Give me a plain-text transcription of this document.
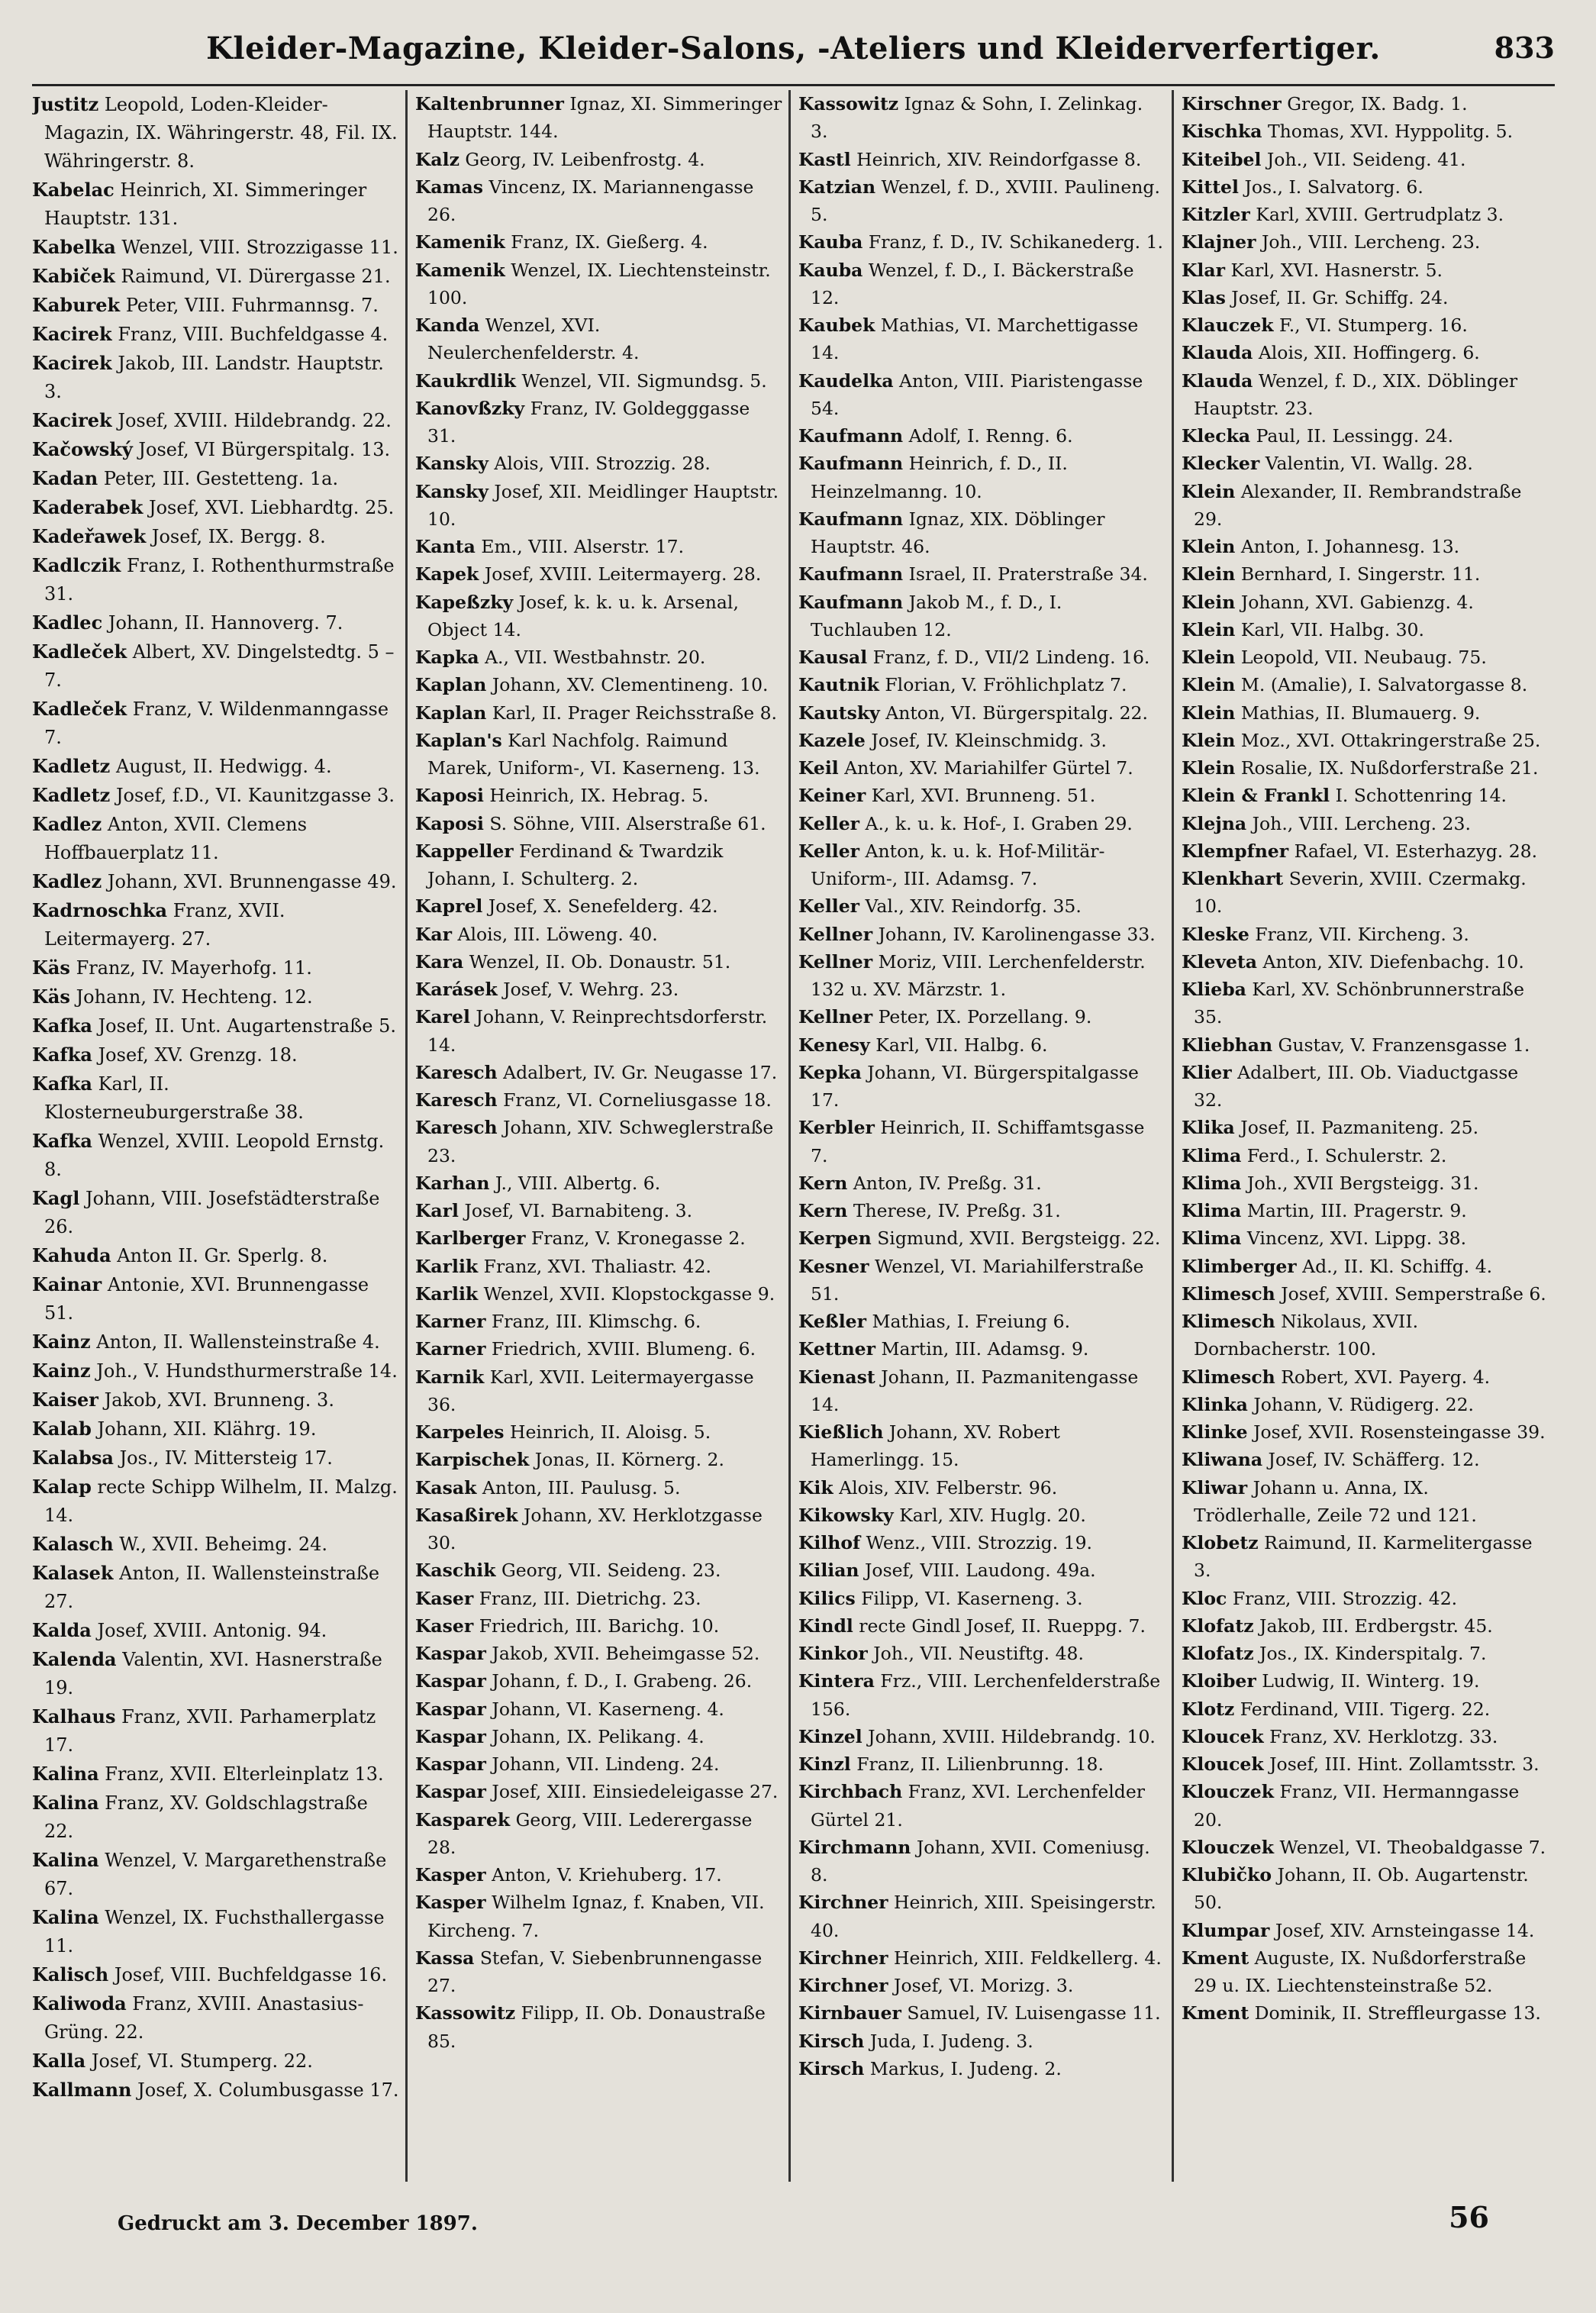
Kleider-Magazine, Kleider-Salons, -Ateliers und Kleiderverfertiger.	833
Justitz Leopold, Loden-Kleider-Magazin, IX. Währingerstr. 48, Fil. IX. Währingerstr. 8.
Kabelac Heinrich, XI. Simmeringer Hauptstr. 131.
Kabelka Wenzel, VIII. Strozzigasse 11.
Kabiček Raimund, VI. Dürergasse 21.
Kaburek Peter, VIII. Fuhrmannsg. 7.
Kacirek Franz, VIII. Buchfeldgasse 4.
Kacirek Jakob, III. Landstr. Hauptstr. 3.
Kacirek Josef, XVIII. Hildebrandg. 22.
Kačowský Josef, VI Bürgerspitalg. 13.
Kadan Peter, III. Gestetteng. 1a.
Kaderabek Josef, XVI. Liebhardtg. 25.
Kadeřawek Josef, IX. Bergg. 8.
Kadlczik Franz, I. Rothenthurmstraße 31.
Kadlec Johann, II. Hannoverg. 7.
Kadleček Albert, XV. Dingelstedtg. 5 – 7.
Kadleček Franz, V. Wildenmanngasse 7.
Kadletz August, II. Hedwigg. 4.
Kadletz Josef, f.D., VI. Kaunitzgasse 3.
Kadlez Anton, XVII. Clemens Hoffbauerplatz 11.
Kadlez Johann, XVI. Brunnengasse 49.
Kadrnoschka Franz, XVII. Leitermayerg. 27.
Käs Franz, IV. Mayerhofg. 11.
Käs Johann, IV. Hechteng. 12.
Kafka Josef, II. Unt. Augartenstraße 5.
Kafka Josef, XV. Grenzg. 18.
Kafka Karl, II. Klosterneuburgerstraße 38.
Kafka Wenzel, XVIII. Leopold Ernstg. 8.
Kagl Johann, VIII. Josefstädterstraße 26.
Kahuda Anton II. Gr. Sperlg. 8.
Kainar Antonie, XVI. Brunnengasse 51.
Kainz Anton, II. Wallensteinstraße 4.
Kainz Joh., V. Hundsthurmerstraße 14.
Kaiser Jakob, XVI. Brunneng. 3.
Kalab Johann, XII. Klährg. 19.
Kalabsa Jos., IV. Mittersteig 17.
Kalap recte Schipp Wilhelm, II. Malzg. 14.
Kalasch W., XVII. Beheimg. 24.
Kalasek Anton, II. Wallensteinstraße 27.
Kalda Josef, XVIII. Antonig. 94.
Kalenda Valentin, XVI. Hasnerstraße 19.
Kalhaus Franz, XVII. Parhamerplatz 17.
Kalina Franz, XVII. Elterleinplatz 13.
Kalina Franz, XV. Goldschlagstraße 22.
Kalina Wenzel, V. Margarethenstraße 67.
Kalina Wenzel, IX. Fuchsthallergasse 11.
Kalisch Josef, VIII. Buchfeldgasse 16.
Kaliwoda Franz, XVIII. Anastasius-Grüng. 22.
Kalla Josef, VI. Stumperg. 22.
Kallmann Josef, X. Columbusgasse 17.
Kaltenbrunner Ignaz, XI. Simmeringer Hauptstr. 144.
Kalz Georg, IV. Leibenfrostg. 4.
Kamas Vincenz, IX. Mariannengasse 26.
Kamenik Franz, IX. Gießerg. 4.
Kamenik Wenzel, IX. Liechtensteinstr. 100.
Kanda Wenzel, XVI. Neulerchenfelderstr. 4.
Kaukrdlik Wenzel, VII. Sigmundsg. 5.
Kanovßzky Franz, IV. Goldegggasse 31.
Kansky Alois, VIII. Strozzig. 28.
Kansky Josef, XII. Meidlinger Hauptstr. 10.
Kanta Em., VIII. Alserstr. 17.
Kapek Josef, XVIII. Leitermayerg. 28.
Kapeßzky Josef, k. k. u. k. Arsenal, Object 14.
Kapka A., VII. Westbahnstr. 20.
Kaplan Johann, XV. Clementineng. 10.
Kaplan Karl, II. Prager Reichsstraße 8.
Kaplan's Karl Nachfolg. Raimund Marek, Uniform-, VI. Kaserneng. 13.
Kaposi Heinrich, IX. Hebrag. 5.
Kaposi S. Söhne, VIII. Alserstraße 61.
Kappeller Ferdinand & Twardzik Johann, I. Schulterg. 2.
Kaprel Josef, X. Senefelderg. 42.
Kar Alois, III. Löweng. 40.
Kara Wenzel, II. Ob. Donaustr. 51.
Karásek Josef, V. Wehrg. 23.
Karel Johann, V. Reinprechtsdorferstr. 14.
Karesch Adalbert, IV. Gr. Neugasse 17.
Karesch Franz, VI. Corneliusgasse 18.
Karesch Johann, XIV. Schweglerstraße 23.
Karhan J., VIII. Albertg. 6.
Karl Josef, VI. Barnabiteng. 3.
Karlberger Franz, V. Kronegasse 2.
Karlik Franz, XVI. Thaliastr. 42.
Karlik Wenzel, XVII. Klopstockgasse 9.
Karner Franz, III. Klimschg. 6.
Karner Friedrich, XVIII. Blumeng. 6.
Karnik Karl, XVII. Leitermayergasse 36.
Karpeles Heinrich, II. Aloisg. 5.
Karpischek Jonas, II. Körnerg. 2.
Kasak Anton, III. Paulusg. 5.
Kasaßirek Johann, XV. Herklotzgasse 30.
Kaschik Georg, VII. Seideng. 23.
Kaser Franz, III. Dietrichg. 23.
Kaser Friedrich, III. Barichg. 10.
Kaspar Jakob, XVII. Beheimgasse 52.
Kaspar Johann, f. D., I. Grabeng. 26.
Kaspar Johann, VI. Kaserneng. 4.
Kaspar Johann, IX. Pelikang. 4.
Kaspar Johann, VII. Lindeng. 24.
Kaspar Josef, XIII. Einsiedeleigasse 27.
Kasparek Georg, VIII. Lederergasse 28.
Kasper Anton, V. Kriehuberg. 17.
Kasper Wilhelm Ignaz, f. Knaben, VII. Kircheng. 7.
Kassa Stefan, V. Siebenbrunnengasse 27.
Kassowitz Filipp, II. Ob. Donaustraße 85.
Kassowitz Ignaz & Sohn, I. Zelinkag. 3.
Kastl Heinrich, XIV. Reindorfgasse 8.
Katzian Wenzel, f. D., XVIII. Paulineng. 5.
Kauba Franz, f. D., IV. Schikanederg. 1.
Kauba Wenzel, f. D., I. Bäckerstraße 12.
Kaubek Mathias, VI. Marchettigasse 14.
Kaudelka Anton, VIII. Piaristengasse 54.
Kaufmann Adolf, I. Renng. 6.
Kaufmann Heinrich, f. D., II. Heinzelmanng. 10.
Kaufmann Ignaz, XIX. Döblinger Hauptstr. 46.
Kaufmann Israel, II. Praterstraße 34.
Kaufmann Jakob M., f. D., I. Tuchlauben 12.
Kausal Franz, f. D., VII/2 Lindeng. 16.
Kautnik Florian, V. Fröhlichplatz 7.
Kautsky Anton, VI. Bürgerspitalg. 22.
Kazele Josef, IV. Kleinschmidg. 3.
Keil Anton, XV. Mariahilfer Gürtel 7.
Keiner Karl, XVI. Brunneng. 51.
Keller A., k. u. k. Hof-, I. Graben 29.
Keller Anton, k. u. k. Hof-Militär-Uniform-, III. Adamsg. 7.
Keller Val., XIV. Reindorfg. 35.
Kellner Johann, IV. Karolinengasse 33.
Kellner Moriz, VIII. Lerchenfelderstr. 132 u. XV. Märzstr. 1.
Kellner Peter, IX. Porzellang. 9.
Kenesy Karl, VII. Halbg. 6.
Kepka Johann, VI. Bürgerspitalgasse 17.
Kerbler Heinrich, II. Schiffamtsgasse 7.
Kern Anton, IV. Preßg. 31.
Kern Therese, IV. Preßg. 31.
Kerpen Sigmund, XVII. Bergsteigg. 22.
Kesner Wenzel, VI. Mariahilferstraße 51.
Keßler Mathias, I. Freiung 6.
Kettner Martin, III. Adamsg. 9.
Kienast Johann, II. Pazmanitengasse 14.
Kießlich Johann, XV. Robert Hamerlingg. 15.
Kik Alois, XIV. Felberstr. 96.
Kikowsky Karl, XIV. Huglg. 20.
Kilhof Wenz., VIII. Strozzig. 19.
Kilian Josef, VIII. Laudong. 49a.
Kilics Filipp, VI. Kaserneng. 3.
Kindl recte Gindl Josef, II. Rueppg. 7.
Kinkor Joh., VII. Neustiftg. 48.
Kintera Frz., VIII. Lerchenfelderstraße 156.
Kinzel Johann, XVIII. Hildebrandg. 10.
Kinzl Franz, II. Lilienbrunng. 18.
Kirchbach Franz, XVI. Lerchenfelder Gürtel 21.
Kirchmann Johann, XVII. Comeniusg. 8.
Kirchner Heinrich, XIII. Speisingerstr. 40.
Kirchner Heinrich, XIII. Feldkellerg. 4.
Kirchner Josef, VI. Morizg. 3.
Kirnbauer Samuel, IV. Luisengasse 11.
Kirsch Juda, I. Judeng. 3.
Kirsch Markus, I. Judeng. 2.
Kirschner Gregor, IX. Badg. 1.
Kischka Thomas, XVI. Hyppolitg. 5.
Kiteibel Joh., VII. Seideng. 41.
Kittel Jos., I. Salvatorg. 6.
Kitzler Karl, XVIII. Gertrudplatz 3.
Klajner Joh., VIII. Lercheng. 23.
Klar Karl, XVI. Hasnerstr. 5.
Klas Josef, II. Gr. Schiffg. 24.
Klauczek F., VI. Stumperg. 16.
Klauda Alois, XII. Hoffingerg. 6.
Klauda Wenzel, f. D., XIX. Döblinger Hauptstr. 23.
Klecka Paul, II. Lessingg. 24.
Klecker Valentin, VI. Wallg. 28.
Klein Alexander, II. Rembrandstraße 29.
Klein Anton, I. Johannesg. 13.
Klein Bernhard, I. Singerstr. 11.
Klein Johann, XVI. Gabienzg. 4.
Klein Karl, VII. Halbg. 30.
Klein Leopold, VII. Neubaug. 75.
Klein M. (Amalie), I. Salvatorgasse 8.
Klein Mathias, II. Blumauerg. 9.
Klein Moz., XVI. Ottakringerstraße 25.
Klein Rosalie, IX. Nußdorferstraße 21.
Klein & Frankl I. Schottenring 14.
Klejna Joh., VIII. Lercheng. 23.
Klempfner Rafael, VI. Esterhazyg. 28.
Klenkhart Severin, XVIII. Czermakg. 10.
Kleske Franz, VII. Kircheng. 3.
Kleveta Anton, XIV. Diefenbachg. 10.
Klieba Karl, XV. Schönbrunnerstraße 35.
Kliebhan Gustav, V. Franzensgasse 1.
Klier Adalbert, III. Ob. Viaductgasse 32.
Klika Josef, II. Pazmaniteng. 25.
Klima Ferd., I. Schulerstr. 2.
Klima Joh., XVII Bergsteigg. 31.
Klima Martin, III. Pragerstr. 9.
Klima Vincenz, XVI. Lippg. 38.
Klimberger Ad., II. Kl. Schiffg. 4.
Klimesch Josef, XVIII. Semperstraße 6.
Klimesch Nikolaus, XVII. Dornbacherstr. 100.
Klimesch Robert, XVI. Payerg. 4.
Klinka Johann, V. Rüdigerg. 22.
Klinke Josef, XVII. Rosensteingasse 39.
Kliwana Josef, IV. Schäfferg. 12.
Kliwar Johann u. Anna, IX. Trödlerhalle, Zeile 72 und 121.
Klobetz Raimund, II. Karmelitergasse 3.
Kloc Franz, VIII. Strozzig. 42.
Klofatz Jakob, III. Erdbergstr. 45.
Klofatz Jos., IX. Kinderspitalg. 7.
Kloiber Ludwig, II. Winterg. 19.
Klotz Ferdinand, VIII. Tigerg. 22.
Kloucek Franz, XV. Herklotzg. 33.
Kloucek Josef, III. Hint. Zollamtsstr. 3.
Klouczek Franz, VII. Hermanngasse 20.
Klouczek Wenzel, VI. Theobaldgasse 7.
Klubičko Johann, II. Ob. Augartenstr. 50.
Klumpar Josef, XIV. Arnsteingasse 14.
Kment Auguste, IX. Nußdorferstraße 29 u. IX. Liechtensteinstraße 52.
Kment Dominik, II. Streffleurgasse 13.
Gedruckt am 3. December 1897.	56
